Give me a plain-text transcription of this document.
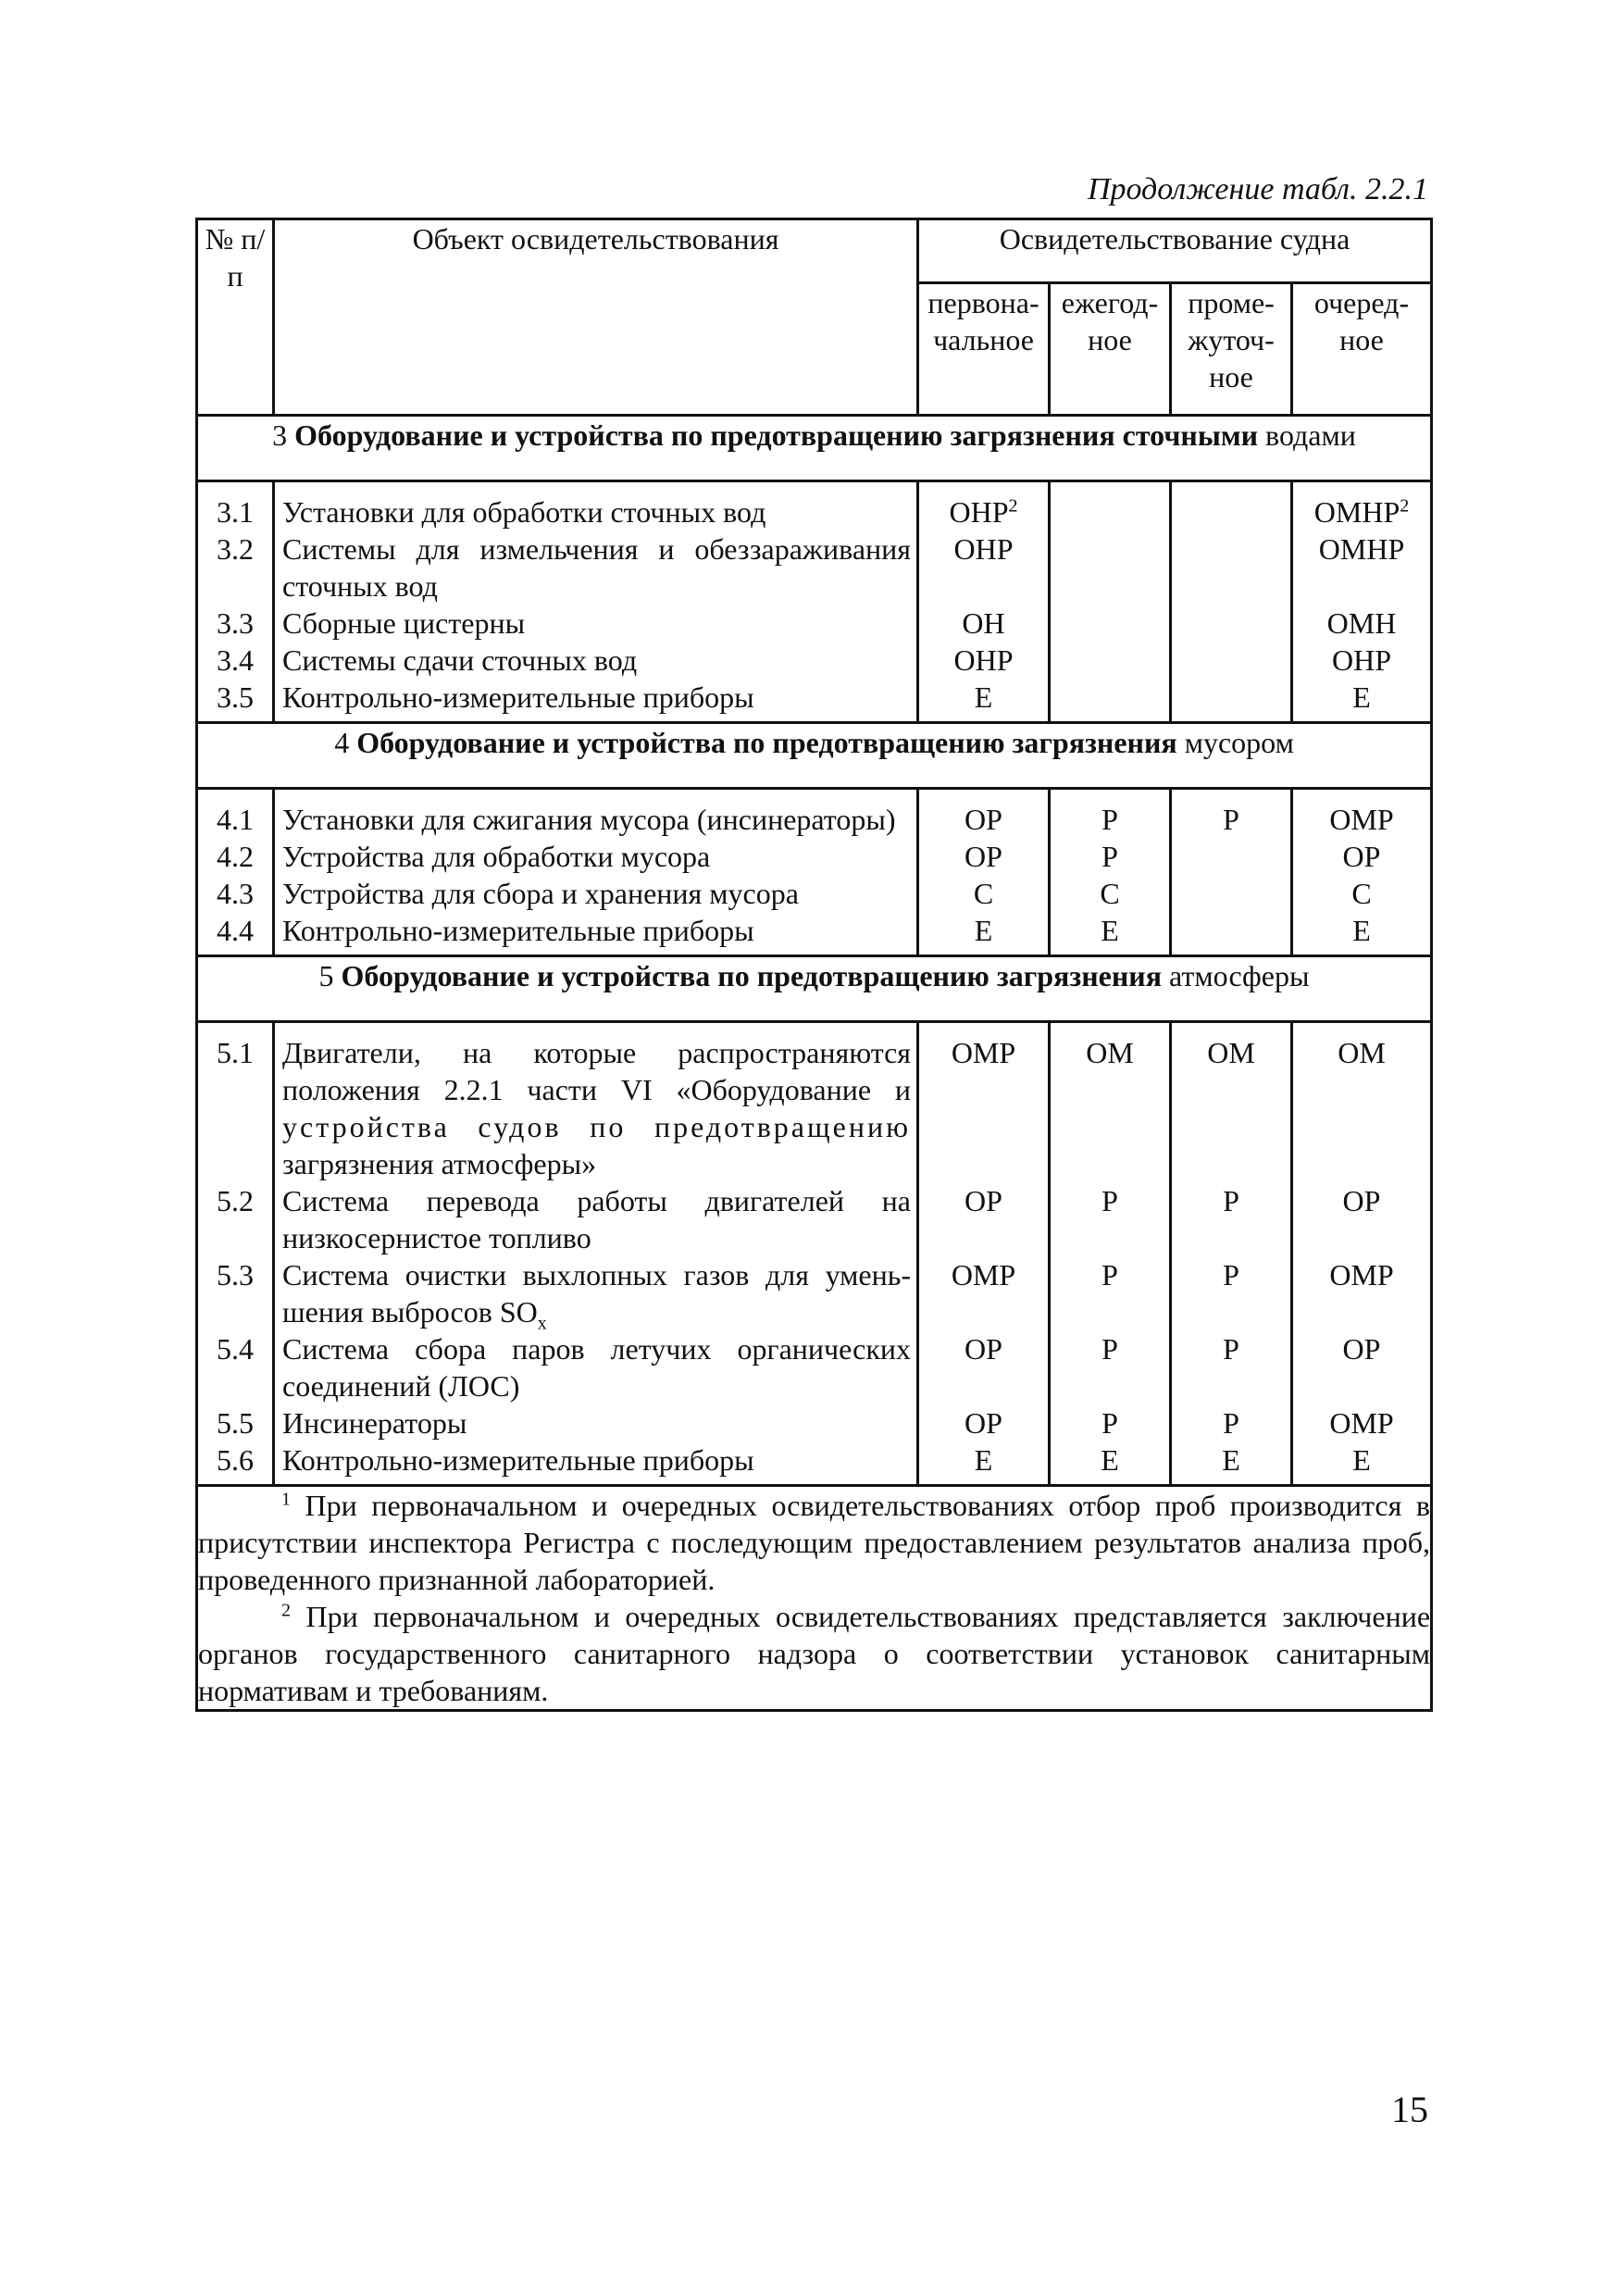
Продолжение табл. 2.2.1
№ п/п	Объект освидетельствования	Освидетельствование судна			
		первона-чальное	ежегод-ное	проме-жуточ-ное	очеред-ное
3 Оборудование и устройства по предотвращению загрязнения сточными водами					
3.1	Установки для обработки сточных вод	ОНР$^2$			ОМНР$^2$
3.2	Системы для измельчения и обеззараживания сточных вод	ОНР			ОМНР
3.3	Сборные цистерны	ОН			ОМН
3.4	Системы сдачи сточных вод	ОНР			ОНР
3.5	Контрольно-измерительные приборы	Е			Е
4 Оборудование и устройства по предотвращению загрязнения мусором					
4.1	Установки для сжигания мусора (инсинераторы)	ОР	Р	Р	ОМР
4.2	Устройства для обработки мусора	ОР	Р		ОР
4.3	Устройства для сбора и хранения мусора	С	С		С
4.4	Контрольно-измерительные приборы	Е	Е		Е
5 Оборудование и устройства по предотвращению загрязнения атмосферы					
5.1	Двигатели, на которые распространяются положения 2.2.1 части VI «Оборудование и устройства судов по предотвращению загрязнения атмосферы»	ОМР	ОМ	ОМ	ОМ
5.2	Система перевода работы двигателей на низкосернистое топливо	ОР	Р	Р	ОР
5.3	Система очистки выхлопных газов для умень-шения выбросов $SO_x$	ОМР	Р	Р	ОМР
5.4	Система сбора паров летучих органических соединений (ЛОС)	ОР	Р	Р	ОР
5.5	Инсинераторы	ОР	Р	Р	ОМР
5.6	Контрольно-измерительные приборы	Е	Е	Е	Е

$^1$ При первоначальном и очередных освидетельствованиях отбор проб производится в присутствии инспектора Регистра с последующим предоставлением результатов анализа проб, проведенного признанной лабораторией.
$^2$ При первоначальном и очередных освидетельствованиях представляется заключение органов государственного санитарного надзора о соответствии установок санитарным нормативам и требованиям.					
15
